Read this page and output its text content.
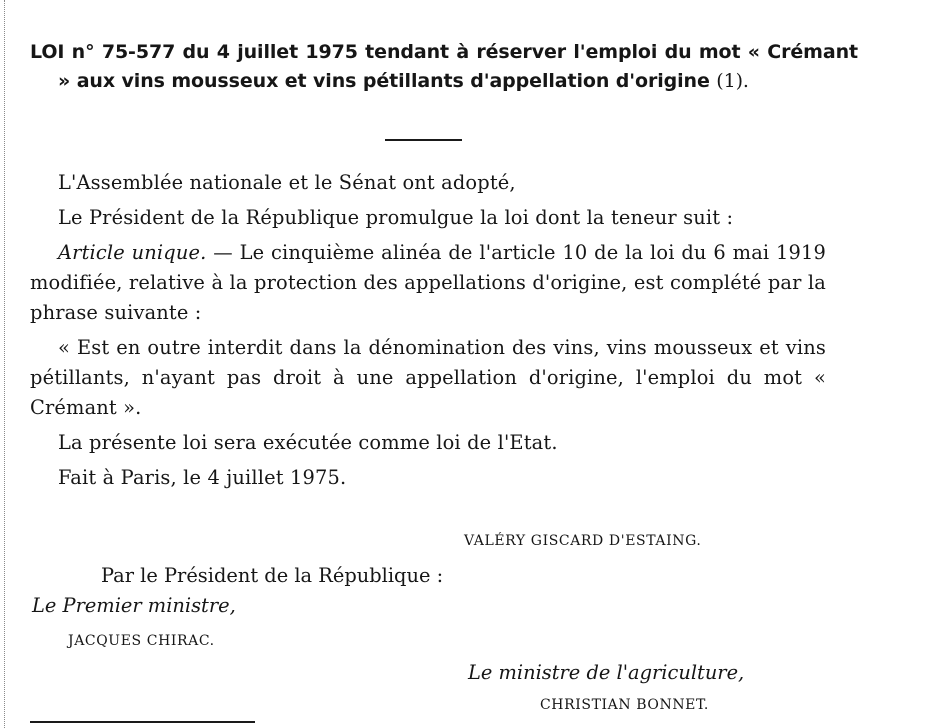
LOI n° 75-577 du 4 juillet 1975 tendant à réserver l'emploi du mot « Crémant » aux vins mousseux et vins pétillants d'appellation d'origine (1).

L'Assemblée nationale et le Sénat ont adopté,

Le Président de la République promulgue la loi dont la teneur suit :

Article unique. — Le cinquième alinéa de l'article 10 de la loi du 6 mai 1919 modifiée, relative à la protection des appellations d'origine, est complété par la phrase suivante :

« Est en outre interdit dans la dénomination des vins, vins mousseux et vins pétillants, n'ayant pas droit à une appellation d'origine, l'emploi du mot « Crémant ».

La présente loi sera exécutée comme loi de l'Etat.

Fait à Paris, le 4 juillet 1975.

VALÉRY GISCARD D'ESTAING.
Par le Président de la République :
Le Premier ministre,
JACQUES CHIRAC.
Le ministre de l'agriculture,
CHRISTIAN BONNET.
